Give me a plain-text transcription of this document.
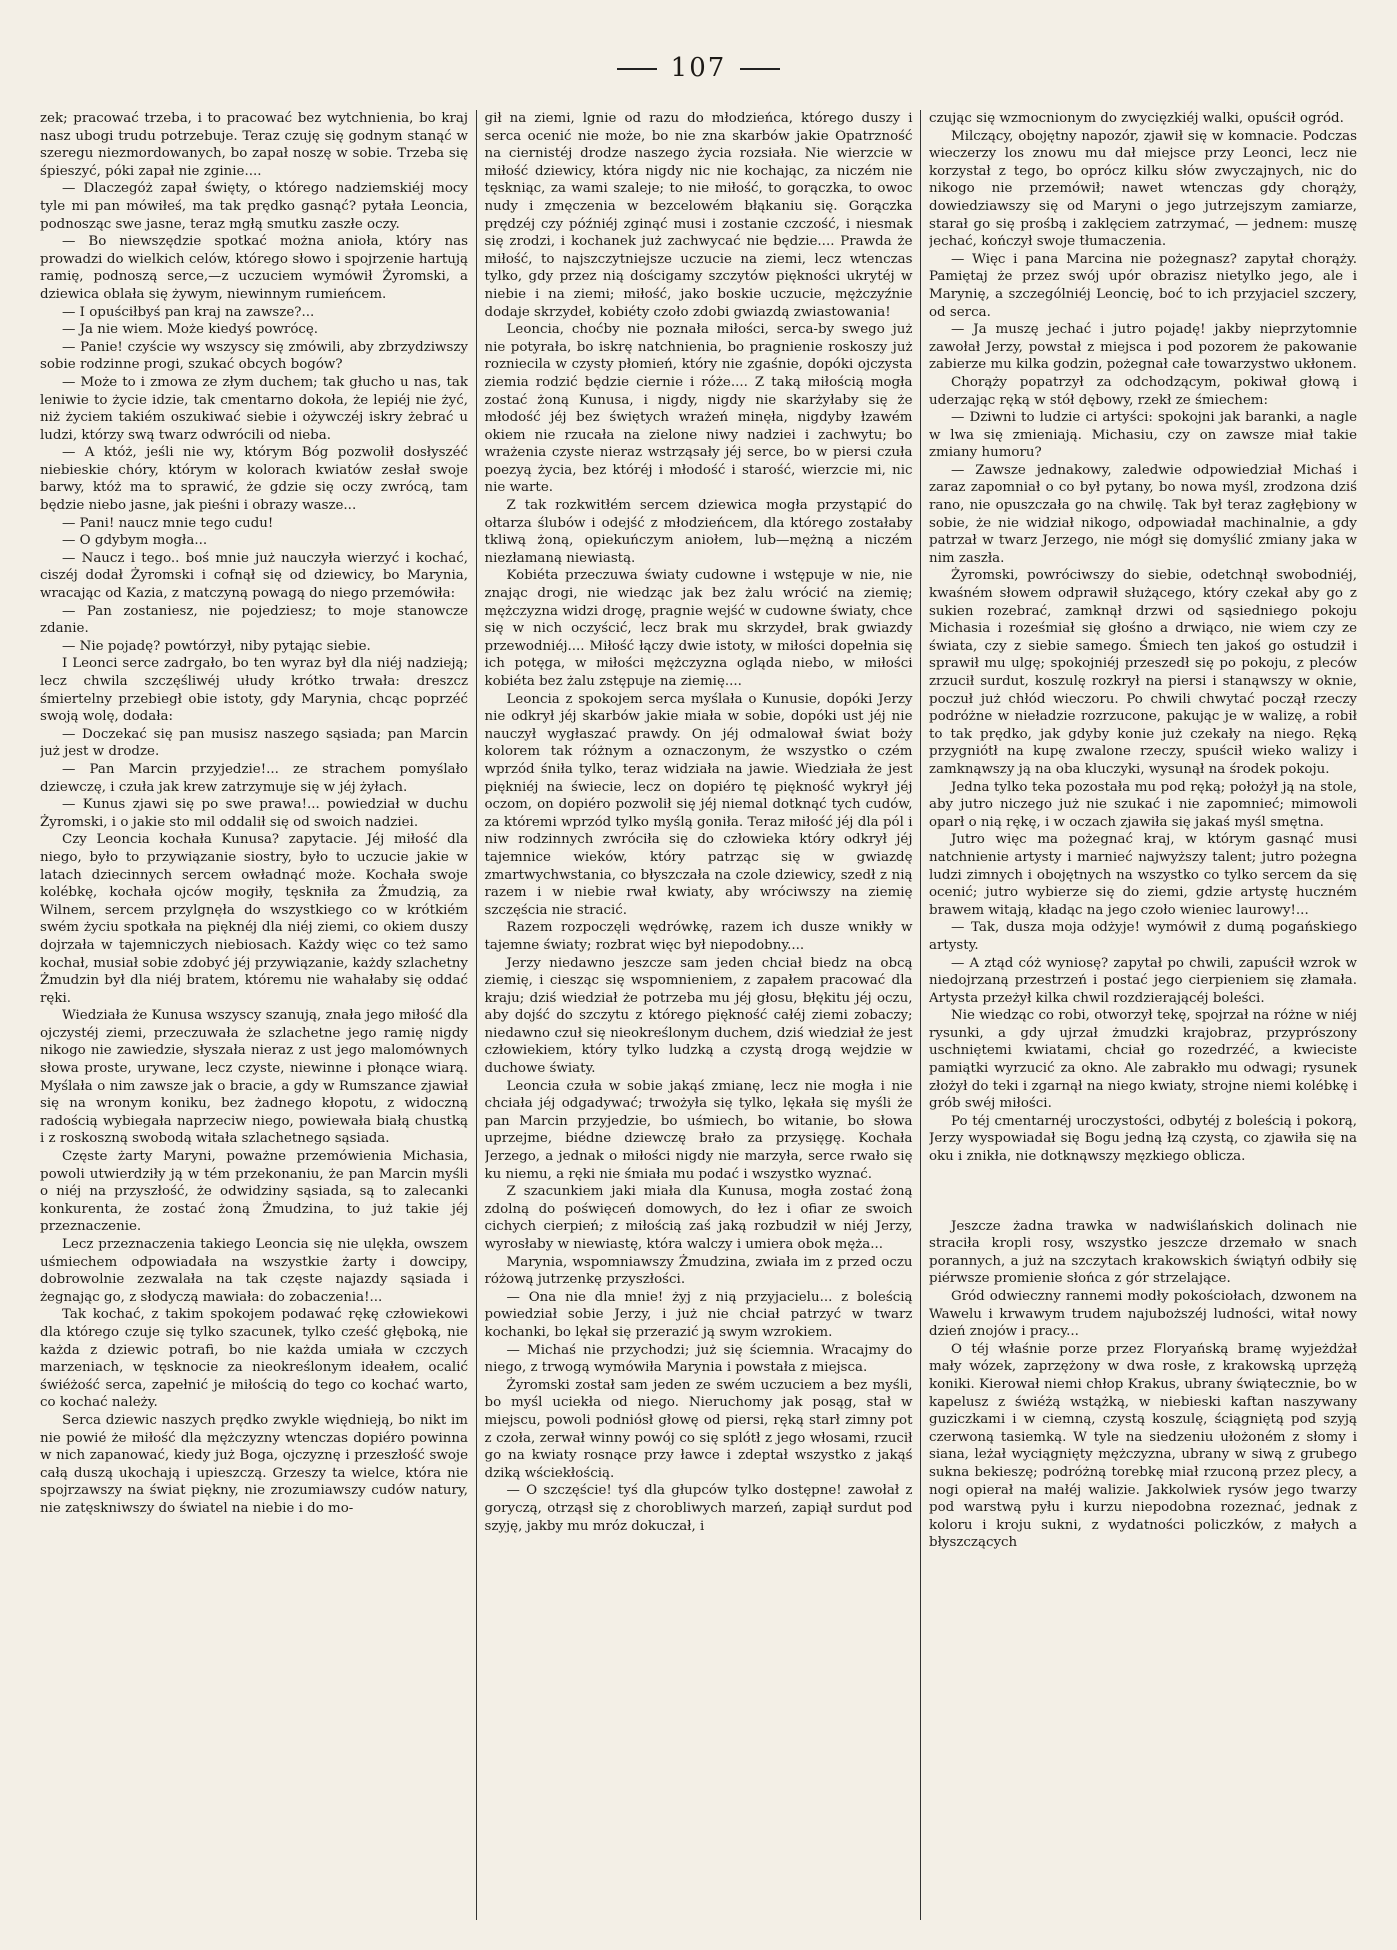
107

zek; pracować trzeba, i to pracować bez wytchnienia, bo kraj nasz ubogi trudu potrzebuje. Teraz czuję się godnym stanąć w szeregu niezmordowanych, bo zapał noszę w sobie. Trzeba się śpieszyć, póki zapał nie zginie....

— Dlaczegóż zapał święty, o którego nadziemskiéj mocy tyle mi pan mówiłeś, ma tak prędko gasnąć? pytała Leoncia, podnosząc swe jasne, teraz mgłą smutku zaszłe oczy.

— Bo niewszędzie spotkać można anioła, który nas prowadzi do wielkich celów, którego słowo i spojrzenie hartują ramię, podnoszą serce,—z uczuciem wymówił Żyromski, a dziewica oblała się żywym, niewinnym rumieńcem.

— I opuściłbyś pan kraj na zawsze?...

— Ja nie wiem. Może kiedyś powrócę.

— Panie! czyście wy wszyscy się zmówili, aby zbrzydziwszy sobie rodzinne progi, szukać obcych bogów?

— Może to i zmowa ze złym duchem; tak głucho u nas, tak leniwie to życie idzie, tak cmentarno dokoła, że lepiéj nie żyć, niż życiem takiém oszukiwać siebie i ożywczéj iskry żebrać u ludzi, którzy swą twarz odwrócili od nieba.

— A któż, jeśli nie wy, którym Bóg pozwolił dosłyszéć niebieskie chóry, którym w kolorach kwiatów zesłał swoje barwy, któż ma to sprawić, że gdzie się oczy zwrócą, tam będzie niebo jasne, jak pieśni i obrazy wasze...

— Pani! naucz mnie tego cudu!

— O gdybym mogła...

— Naucz i tego.. boś mnie już nauczyła wierzyć i kochać, ciszéj dodał Żyromski i cofnął się od dziewicy, bo Marynia, wracając od Kazia, z matczyną powagą do niego przemówiła:

— Pan zostaniesz, nie pojedziesz; to moje stanowcze zdanie.

— Nie pojadę? powtórzył, niby pytając siebie.

I Leonci serce zadrgało, bo ten wyraz był dla niéj nadzieją; lecz chwila szczęśliwéj ułudy krótko trwała: dreszcz śmiertelny przebiegł obie istoty, gdy Marynia, chcąc poprzéć swoją wolę, dodała:

— Doczekać się pan musisz naszego sąsiada; pan Marcin już jest w drodze.

— Pan Marcin przyjedzie!... ze strachem pomyślało dziewczę, i czuła jak krew zatrzymuje się w jéj żyłach.

— Kunus zjawi się po swe prawa!... powiedział w duchu Żyromski, i o jakie sto mil oddalił się od swoich nadziei.

Czy Leoncia kochała Kunusa? zapytacie. Jéj miłość dla niego, było to przywiązanie siostry, było to uczucie jakie w latach dziecinnych sercem owładnąć może. Kochała swoje kolébkę, kochała ojców mogiły, tęskniła za Żmudzią, za Wilnem, sercem przylgnęła do wszystkiego co w krótkiém swém życiu spotkała na pięknéj dla niéj ziemi, co okiem duszy dojrzała w tajemniczych niebiosach. Każdy więc co też samo kochał, musiał sobie zdobyć jéj przywiązanie, każdy szlachetny Żmudzin był dla niéj bratem, któremu nie wahałaby się oddać ręki.

Wiedziała że Kunusa wszyscy szanują, znała jego miłość dla ojczystéj ziemi, przeczuwała że szlachetne jego ramię nigdy nikogo nie zawiedzie, słyszała nieraz z ust jego malomównych słowa proste, urywane, lecz czyste, niewinne i płonące wiarą. Myślała o nim zawsze jak o bracie, a gdy w Rumszance zjawiał się na wronym koniku, bez żadnego kłopotu, z widoczną radością wybiegała naprzeciw niego, powiewała białą chustką i z roskoszną swobodą witała szlachetnego sąsiada.

Częste żarty Maryni, poważne przemówienia Michasia, powoli utwierdziły ją w tém przekonaniu, że pan Marcin myśli o niéj na przyszłość, że odwidziny sąsiada, są to zalecanki konkurenta, że zostać żoną Żmudzina, to już takie jéj przeznaczenie.

Lecz przeznaczenia takiego Leoncia się nie ulękła, owszem uśmiechem odpowiadała na wszystkie żarty i dowcipy, dobrowolnie zezwalała na tak częste najazdy sąsiada i żegnając go, z słodyczą mawiała: do zobaczenia!...

Tak kochać, z takim spokojem podawać rękę człowiekowi dla którego czuje się tylko szacunek, tylko cześć głęboką, nie każda z dziewic potrafi, bo nie każda umiała w czczych marzeniach, w tęsknocie za nieokreślonym ideałem, ocalić świéżość serca, zapełnić je miłością do tego co kochać warto, co kochać należy.

Serca dziewic naszych prędko zwykle więdnieją, bo nikt im nie powié że miłość dla mężczyzny wtenczas dopiéro powinna w nich zapanować, kiedy już Boga, ojczyznę i przeszłość swoje całą duszą ukochają i upieszczą. Grzeszy ta wielce, która nie spojrzawszy na świat piękny, nie zrozumiawszy cudów natury, nie zatęskniwszy do światel na niebie i do mo-

gił na ziemi, lgnie od razu do młodzieńca, którego duszy i serca ocenić nie może, bo nie zna skarbów jakie Opatrzność na ciernistéj drodze naszego życia rozsiała. Nie wierzcie w miłość dziewicy, która nigdy nic nie kochając, za niczém nie tęskniąc, za wami szaleje; to nie miłość, to gorączka, to owoc nudy i zmęczenia w bezcelowém błąkaniu się. Gorączka prędzéj czy późniéj zginąć musi i zostanie czczość, i niesmak się zrodzi, i kochanek już zachwycać nie będzie.... Prawda że miłość, to najszczytniejsze uczucie na ziemi, lecz wtenczas tylko, gdy przez nią dościgamy szczytów piękności ukrytéj w niebie i na ziemi; miłość, jako boskie uczucie, mężczyźnie dodaje skrzydeł, kobiéty czoło zdobi gwiazdą zwiastowania!

Leoncia, choćby nie poznała miłości, serca-by swego już nie potyrała, bo iskrę natchnienia, bo pragnienie roskoszy już rozniecila w czysty płomień, który nie zgaśnie, dopóki ojczysta ziemia rodzić będzie ciernie i róże.... Z taką miłością mogła zostać żoną Kunusa, i nigdy, nigdy nie skarżyłaby się że młodość jéj bez świętych wrażeń minęła, nigdyby łzawém okiem nie rzucała na zielone niwy nadziei i zachwytu; bo wrażenia czyste nieraz wstrząsały jéj serce, bo w piersi czuła poezyą życia, bez któréj i młodość i starość, wierzcie mi, nic nie warte.

Z tak rozkwitłém sercem dziewica mogła przystąpić do ołtarza ślubów i odejść z młodzieńcem, dla którego zostałaby tkliwą żoną, opiekuńczym aniołem, lub—mężną a niczém niezłamaną niewiastą.

Kobiéta przeczuwa światy cudowne i wstępuje w nie, nie znając drogi, nie wiedząc jak bez żalu wrócić na ziemię; mężczyzna widzi drogę, pragnie wejść w cudowne światy, chce się w nich oczyścić, lecz brak mu skrzydeł, brak gwiazdy przewodniéj.... Miłość łączy dwie istoty, w miłości dopełnia się ich potęga, w miłości mężczyzna ogląda niebo, w miłości kobiéta bez żalu zstępuje na ziemię....

Leoncia z spokojem serca myślała o Kunusie, dopóki Jerzy nie odkrył jéj skarbów jakie miała w sobie, dopóki ust jéj nie nauczył wygłaszać prawdy. On jéj odmalował świat boży kolorem tak różnym a oznaczonym, że wszystko o czém wprzód śniła tylko, teraz widziała na jawie. Wiedziała że jest piękniéj na świecie, lecz on dopiéro tę piękność wykrył jéj oczom, on dopiéro pozwolił się jéj niemal dotknąć tych cudów, za któremi wprzód tylko myślą goniła. Teraz miłość jéj dla pól i niw rodzinnych zwróciła się do człowieka który odkrył jéj tajemnice wieków, który patrząc się w gwiazdę zmartwychwstania, co błyszczała na czole dziewicy, szedł z nią razem i w niebie rwał kwiaty, aby wróciwszy na ziemię szczęścia nie stracić.

Razem rozpoczęli wędrówkę, razem ich dusze wnikły w tajemne światy; rozbrat więc był niepodobny....

Jerzy niedawno jeszcze sam jeden chciał biedz na obcą ziemię, i ciesząc się wspomnieniem, z zapałem pracować dla kraju; dziś wiedział że potrzeba mu jéj głosu, błękitu jéj oczu, aby dojść do szczytu z którego piękność całéj ziemi zobaczy; niedawno czuł się nieokreślonym duchem, dziś wiedział że jest człowiekiem, który tylko ludzką a czystą drogą wejdzie w duchowe światy.

Leoncia czuła w sobie jakąś zmianę, lecz nie mogła i nie chciała jéj odgadywać; trwożyła się tylko, lękała się myśli że pan Marcin przyjedzie, bo uśmiech, bo witanie, bo słowa uprzejme, biédne dziewczę brało za przysięgę. Kochała Jerzego, a jednak o miłości nigdy nie marzyła, serce rwało się ku niemu, a ręki nie śmiała mu podać i wszystko wyznać.

Z szacunkiem jaki miała dla Kunusa, mogła zostać żoną zdolną do poświęceń domowych, do łez i ofiar ze swoich cichych cierpień; z miłością zaś jaką rozbudził w niéj Jerzy, wyrosłaby w niewiastę, która walczy i umiera obok męża...

Marynia, wspomniawszy Żmudzina, zwiała im z przed oczu różową jutrzenkę przyszłości.

— Ona nie dla mnie! żyj z nią przyjacielu... z boleścią powiedział sobie Jerzy, i już nie chciał patrzyć w twarz kochanki, bo lękał się przerazić ją swym wzrokiem.

— Michaś nie przychodzi; już się ściemnia. Wracajmy do niego, z trwogą wymówiła Marynia i powstała z miejsca.

Żyromski został sam jeden ze swém uczuciem a bez myśli, bo myśl uciekła od niego. Nieruchomy jak posąg, stał w miejscu, powoli podniósł głowę od piersi, ręką starł zimny pot z czoła, zerwał winny powój co się splótł z jego włosami, rzucił go na kwiaty rosnące przy ławce i zdeptał wszystko z jakąś dziką wściekłością.

— O szczęście! tyś dla głupców tylko dostępne! zawołał z goryczą, otrząsł się z chorobliwych marzeń, zapiął surdut pod szyję, jakby mu mróz dokuczał, i

czując się wzmocnionym do zwycięzkiéj walki, opuścił ogród.

Milczący, obojętny napozór, zjawił się w komnacie. Podczas wieczerzy los znowu mu dał miejsce przy Leonci, lecz nie korzystał z tego, bo oprócz kilku słów zwyczajnych, nic do nikogo nie przemówił; nawet wtenczas gdy chorąży, dowiedziawszy się od Maryni o jego jutrzejszym zamiarze, starał go się prośbą i zaklęciem zatrzymać, — jednem: muszę jechać, kończył swoje tłumaczenia.

— Więc i pana Marcina nie pożegnasz? zapytał chorąży. Pamiętaj że przez swój upór obrazisz nietylko jego, ale i Marynię, a szczególniéj Leoncię, boć to ich przyjaciel szczery, od serca.

— Ja muszę jechać i jutro pojadę! jakby nieprzytomnie zawołał Jerzy, powstał z miejsca i pod pozorem że pakowanie zabierze mu kilka godzin, pożegnał całe towarzystwo ukłonem.

Chorąży popatrzył za odchodzącym, pokiwał głową i uderzając ręką w stół dębowy, rzekł ze śmiechem:

— Dziwni to ludzie ci artyści: spokojni jak baranki, a nagle w lwa się zmieniają. Michasiu, czy on zawsze miał takie zmiany humoru?

— Zawsze jednakowy, zaledwie odpowiedział Michaś i zaraz zapomniał o co był pytany, bo nowa myśl, zrodzona dziś rano, nie opuszczała go na chwilę. Tak był teraz zagłębiony w sobie, że nie widział nikogo, odpowiadał machinalnie, a gdy patrzał w twarz Jerzego, nie mógł się domyślić zmiany jaka w nim zaszła.

Żyromski, powróciwszy do siebie, odetchnął swobodniéj, kwaśném słowem odprawił służącego, który czekał aby go z sukien rozebrać, zamknął drzwi od sąsiedniego pokoju Michasia i roześmiał się głośno a drwiąco, nie wiem czy ze świata, czy z siebie samego. Śmiech ten jakoś go ostudził i sprawił mu ulgę; spokojniéj przeszedł się po pokoju, z pleców zrzucił surdut, koszulę rozkrył na piersi i stanąwszy w oknie, poczuł już chłód wieczoru. Po chwili chwytać począł rzeczy podróżne w nieładzie rozrzucone, pakując je w walizę, a robił to tak prędko, jak gdyby konie już czekały na niego. Ręką przygniótł na kupę zwalone rzeczy, spuścił wieko walizy i zamknąwszy ją na oba kluczyki, wysunął na środek pokoju.

Jedna tylko teka pozostała mu pod ręką; położył ją na stole, aby jutro niczego już nie szukać i nie zapomnieć; mimowoli oparł o nią rękę, i w oczach zjawiła się jakaś myśl smętna.

Jutro więc ma pożegnać kraj, w którym gasnąć musi natchnienie artysty i marnieć najwyższy talent; jutro pożegna ludzi zimnych i obojętnych na wszystko co tylko sercem da się ocenić; jutro wybierze się do ziemi, gdzie artystę huczném brawem witają, kładąc na jego czoło wieniec laurowy!...

— Tak, dusza moja odżyje! wymówił z dumą pogańskiego artysty.

— A ztąd cóż wyniosę? zapytał po chwili, zapuścił wzrok w niedojrzaną przestrzeń i postać jego cierpieniem się złamała. Artysta przeżył kilka chwil rozdzierającéj boleści.

Nie wiedząc co robi, otworzył tekę, spojrzał na różne w niéj rysunki, a gdy ujrzał żmudzki krajobraz, przyprószony uschniętemi kwiatami, chciał go rozedrzéć, a kwieciste pamiątki wyrzucić za okno. Ale zabrakło mu odwagi; rysunek złożył do teki i zgarnął na niego kwiaty, strojne niemi kolébkę i grób swéj miłości.

Po téj cmentarnéj uroczystości, odbytéj z boleścią i pokorą, Jerzy wyspowiadał się Bogu jedną łzą czystą, co zjawiła się na oku i znikła, nie dotknąwszy męzkiego oblicza.

Jeszcze żadna trawka w nadwiślańskich dolinach nie straciła kropli rosy, wszystko jeszcze drzemało w snach porannych, a już na szczytach krakowskich świątyń odbiły się piérwsze promienie słońca z gór strzelające.

Gród odwieczny rannemi modły pokościołach, dzwonem na Wawelu i krwawym trudem najuboższéj ludności, witał nowy dzień znojów i pracy...

O téj właśnie porze przez Floryańską bramę wyjeżdżał mały wózek, zaprzężony w dwa rosłe, z krakowską uprzężą koniki. Kierował niemi chłop Krakus, ubrany świątecznie, bo w kapelusz z świéżą wstążką, w niebieski kaftan naszywany guziczkami i w ciemną, czystą koszulę, ściągniętą pod szyją czerwoną tasiemką. W tyle na siedzeniu ułożoném z słomy i siana, leżał wyciągnięty mężczyzna, ubrany w siwą z grubego sukna bekieszę; podróżną torebkę miał rzuconą przez plecy, a nogi opierał na małéj walizie. Jakkolwiek rysów jego twarzy pod warstwą pyłu i kurzu niepodobna rozeznać, jednak z koloru i kroju sukni, z wydatności policzków, z małych a błyszczących
